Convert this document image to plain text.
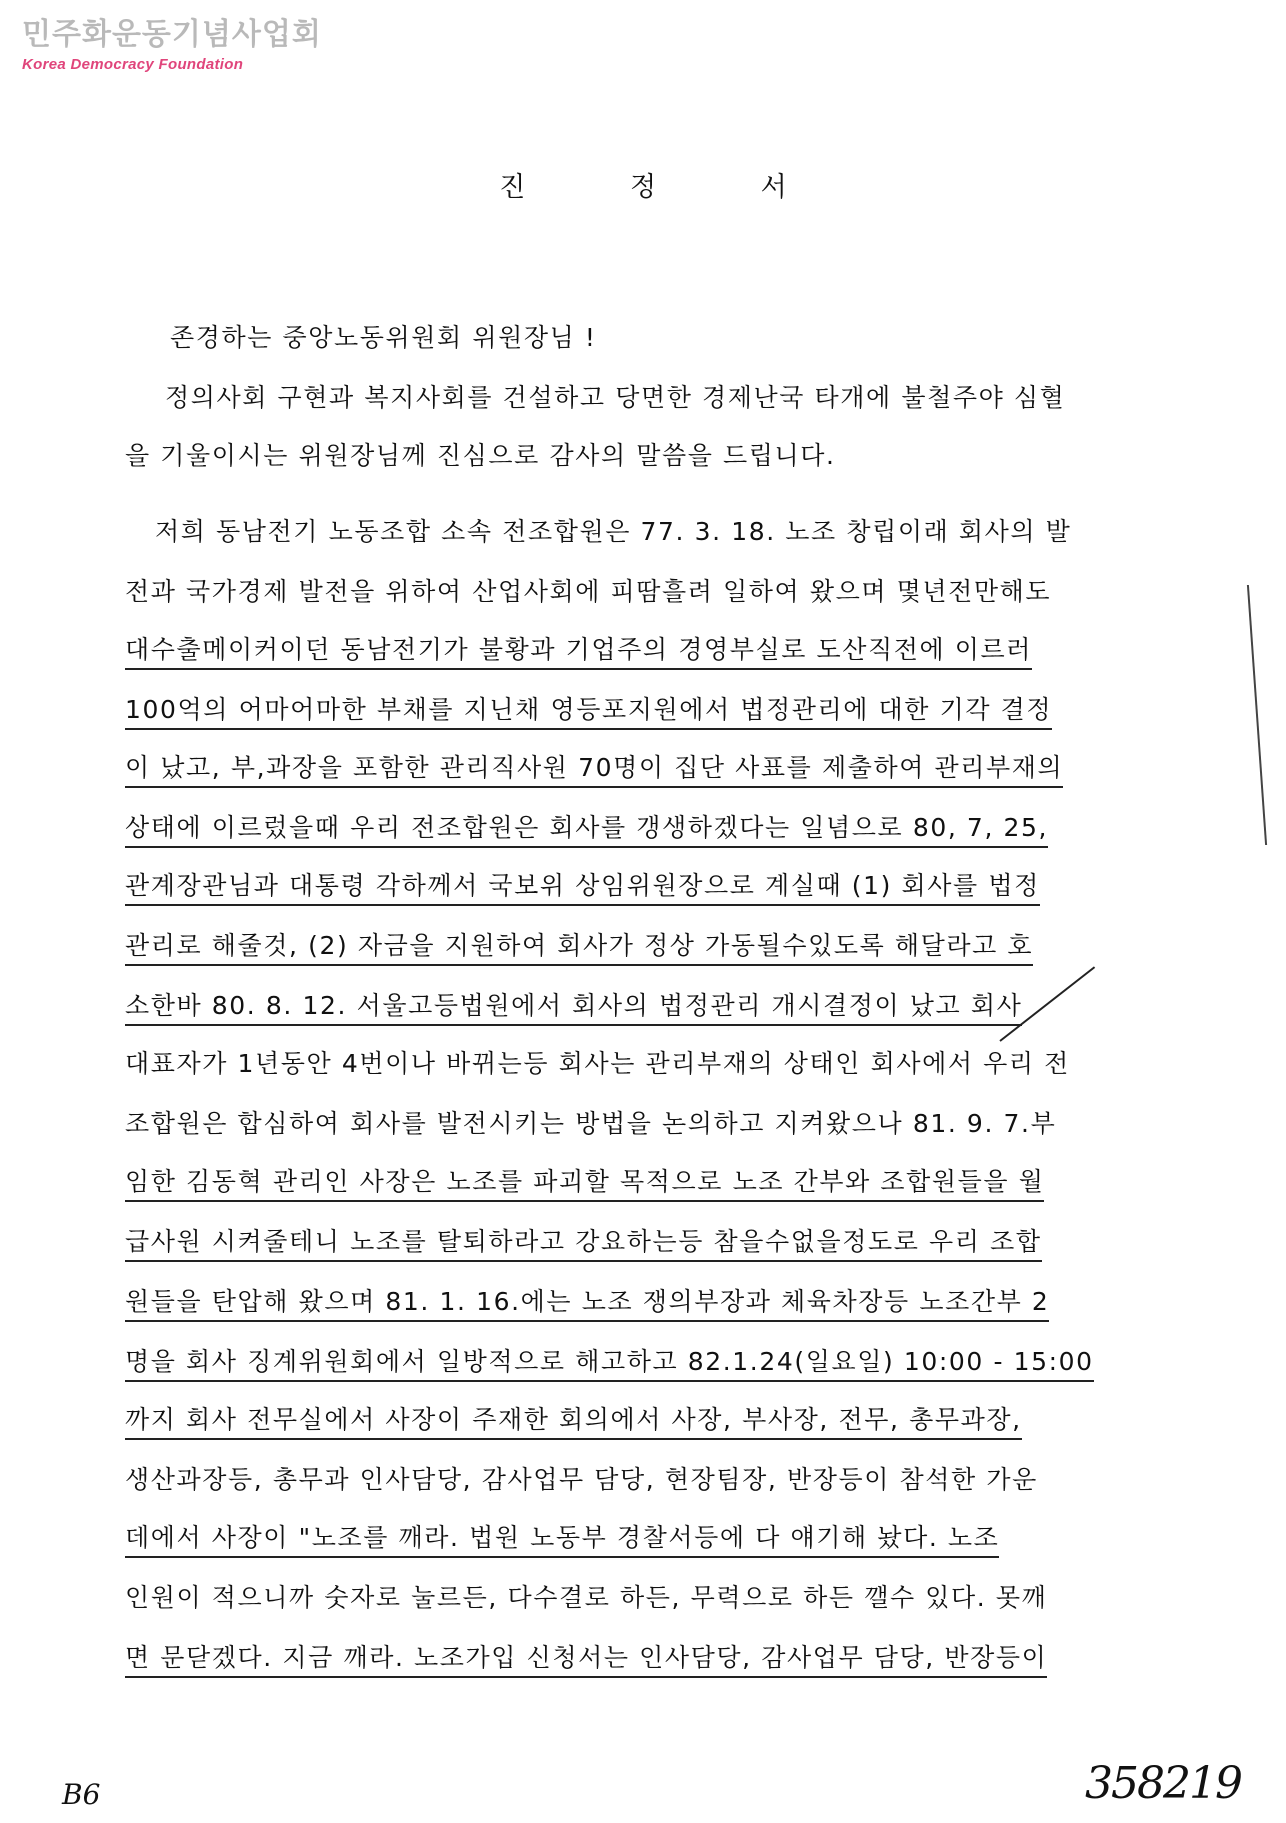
민주화운동기념사업회
Korea Democracy Foundation
진 정 서
존경하는 중앙노동위원회 위원장님 !
정의사회 구현과 복지사회를 건설하고 당면한 경제난국 타개에 불철주야 심혈
을 기울이시는 위원장님께 진심으로 감사의 말씀을 드립니다.
저희 동남전기 노동조합 소속 전조합원은 77. 3. 18. 노조 창립이래 회사의 발
전과 국가경제 발전을 위하여 산업사회에 피땀흘려 일하여 왔으며 몇년전만해도
대수출메이커이던 동남전기가 불황과 기업주의 경영부실로 도산직전에 이르러
100억의 어마어마한 부채를 지닌채 영등포지원에서 법정관리에 대한 기각 결정
이 났고, 부,과장을 포함한 관리직사원 70명이 집단 사표를 제출하여 관리부재의
상태에 이르렀을때 우리 전조합원은 회사를 갱생하겠다는 일념으로 80, 7, 25,
관계장관님과 대통령 각하께서 국보위 상임위원장으로 계실때 (1) 회사를 법정
관리로 해줄것, (2) 자금을 지원하여 회사가 정상 가동될수있도록 해달라고 호
소한바 80. 8. 12. 서울고등법원에서 회사의 법정관리 개시결정이 났고 회사
대표자가 1년동안 4번이나 바뀌는등 회사는 관리부재의 상태인 회사에서 우리 전
조합원은 합심하여 회사를 발전시키는 방법을 논의하고 지켜왔으나 81. 9. 7.부
임한 김동혁 관리인 사장은 노조를 파괴할 목적으로 노조 간부와 조합원들을 월
급사원 시켜줄테니 노조를 탈퇴하라고 강요하는등 참을수없을정도로 우리 조합
원들을 탄압해 왔으며 81. 1. 16.에는 노조 쟁의부장과 체육차장등 노조간부 2
명을 회사 징계위원회에서 일방적으로 해고하고 82.1.24(일요일) 10:00 - 15:00
까지 회사 전무실에서 사장이 주재한 회의에서 사장, 부사장, 전무, 총무과장,
생산과장등, 총무과 인사담당, 감사업무 담당, 현장팀장, 반장등이 참석한 가운
데에서 사장이 "노조를 깨라. 법원 노동부 경찰서등에 다 얘기해 놨다. 노조
인원이 적으니까 숫자로 눌르든, 다수결로 하든, 무력으로 하든 깰수 있다. 못깨
면 문닫겠다. 지금 깨라. 노조가입 신청서는 인사담당, 감사업무 담당, 반장등이
B6	358219
